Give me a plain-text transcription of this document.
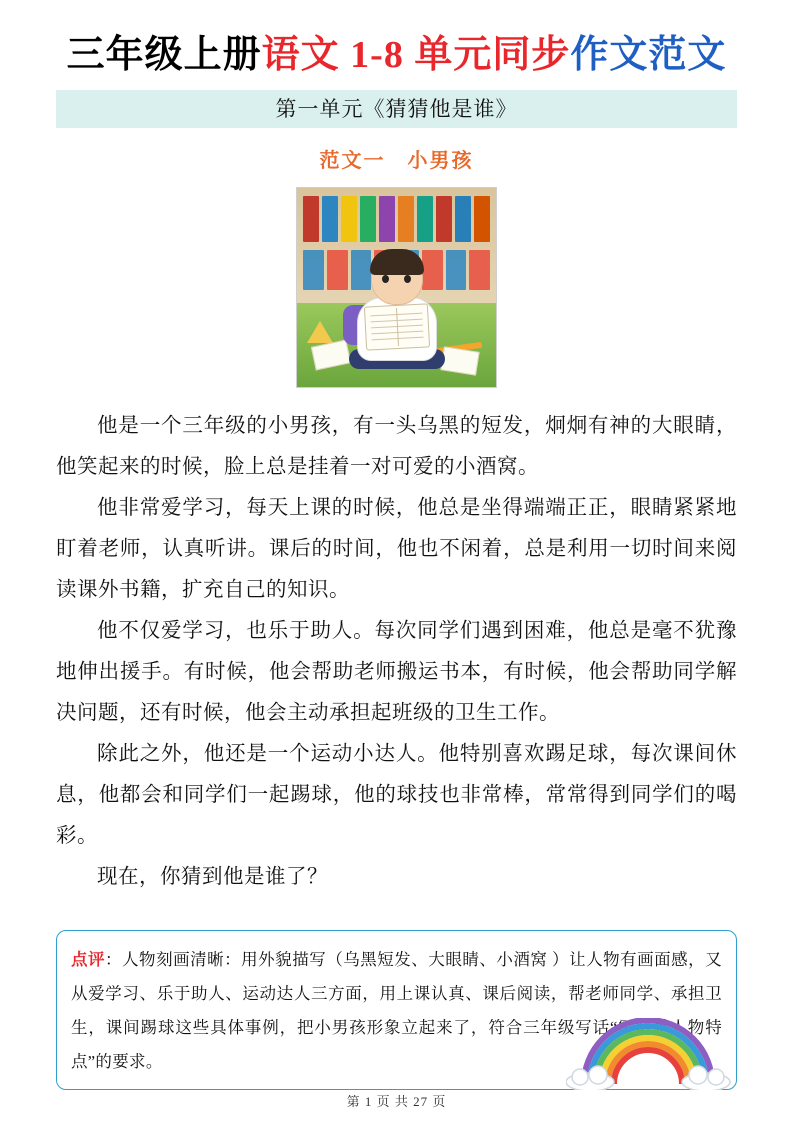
三年级上册语文 1-8 单元同步作文范文
第一单元《猜猜他是谁》
范文一　小男孩

他是一个三年级的小男孩，有一头乌黑的短发，炯炯有神的大眼睛，他笑起来的时候，脸上总是挂着一对可爱的小酒窝。

他非常爱学习，每天上课的时候，他总是坐得端端正正，眼睛紧紧地盯着老师，认真听讲。课后的时间，他也不闲着，总是利用一切时间来阅读课外书籍，扩充自己的知识。

他不仅爱学习，也乐于助人。每次同学们遇到困难，他总是毫不犹豫地伸出援手。有时候，他会帮助老师搬运书本，有时候，他会帮助同学解决问题，还有时候，他会主动承担起班级的卫生工作。

除此之外，他还是一个运动小达人。他特别喜欢踢足球，每次课间休息，他都会和同学们一起踢球，他的球技也非常棒，常常得到同学们的喝彩。

现在，你猜到他是谁了？

点评：人物刻画清晰：用外貌描写（乌黑短发、大眼睛、小酒窝 ）让人物有画面感，又从爱学习、乐于助人、运动达人三方面，用上课认真、课后阅读，帮老师同学、承担卫生，课间踢球这些具体事例，把小男孩形象立起来了，符合三年级写话“写清楚人物特点”的要求。
第 1 页 共 27 页
